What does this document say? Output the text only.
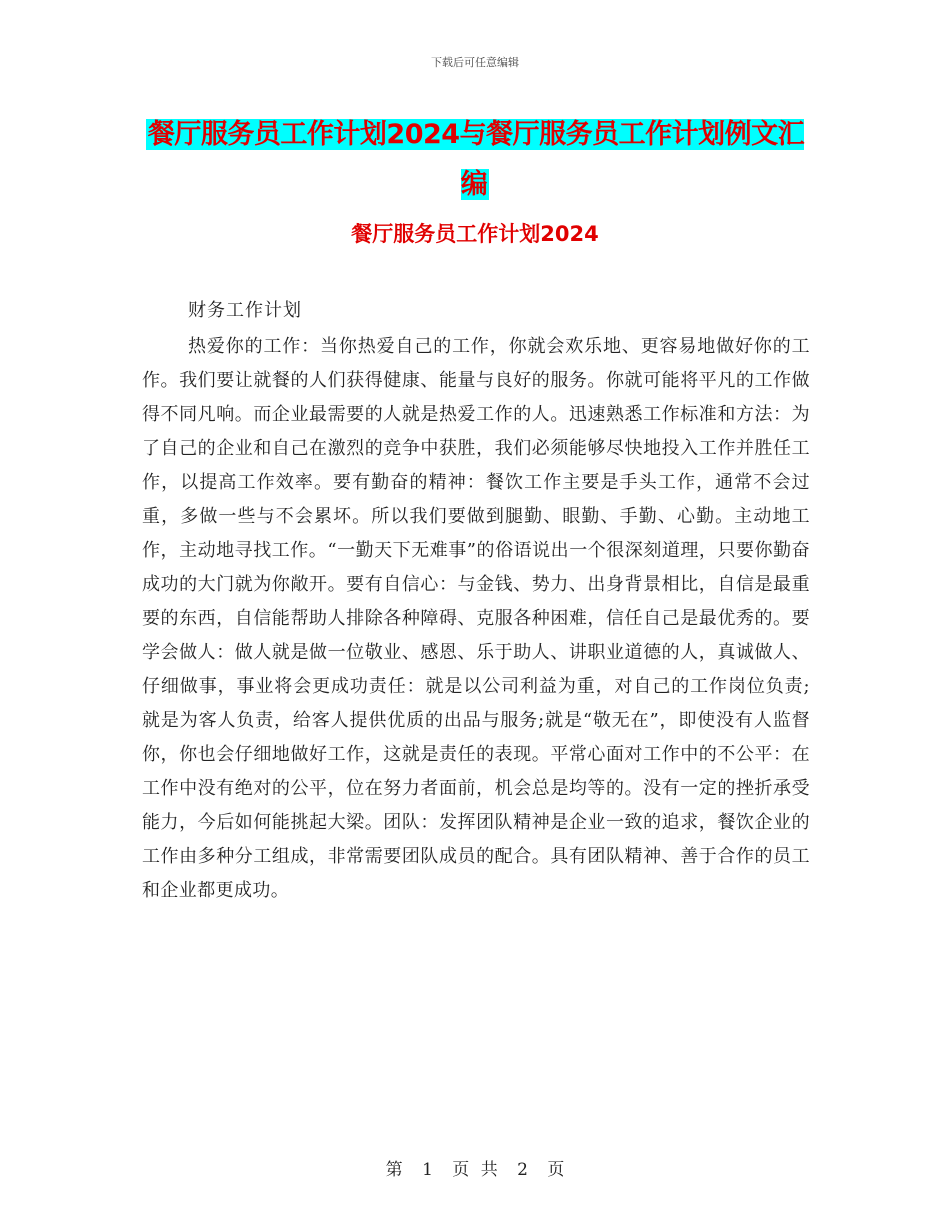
下载后可任意编辑
餐厅服务员工作计划2024与餐厅服务员工作计划例文汇编
餐厅服务员工作计划2024
财务工作计划
热爱你的工作：当你热爱自己的工作，你就会欢乐地、更容易地做好你的工作。我们要让就餐的人们获得健康、能量与良好的服务。你就可能将平凡的工作做得不同凡响。而企业最需要的人就是热爱工作的人。迅速熟悉工作标准和方法：为了自己的企业和自己在激烈的竞争中获胜，我们必须能够尽快地投入工作并胜任工作，以提高工作效率。要有勤奋的精神：餐饮工作主要是手头工作，通常不会过重，多做一些与不会累坏。所以我们要做到腿勤、眼勤、手勤、心勤。主动地工作，主动地寻找工作。“一勤天下无难事”的俗语说出一个很深刻道理，只要你勤奋成功的大门就为你敞开。要有自信心：与金钱、势力、出身背景相比，自信是最重要的东西，自信能帮助人排除各种障碍、克服各种困难，信任自己是最优秀的。要学会做人：做人就是做一位敬业、感恩、乐于助人、讲职业道德的人，真诚做人、仔细做事，事业将会更成功责任：就是以公司利益为重，对自己的工作岗位负责;就是为客人负责，给客人提供优质的出品与服务;就是“敬无在”，即使没有人监督你，你也会仔细地做好工作，这就是责任的表现。平常心面对工作中的不公平：在工作中没有绝对的公平，位在努力者面前，机会总是均等的。没有一定的挫折承受能力，今后如何能挑起大梁。团队：发挥团队精神是企业一致的追求，餐饮企业的工作由多种分工组成，非常需要团队成员的配合。具有团队精神、善于合作的员工和企业都更成功。
第 1 页 共 2 页
